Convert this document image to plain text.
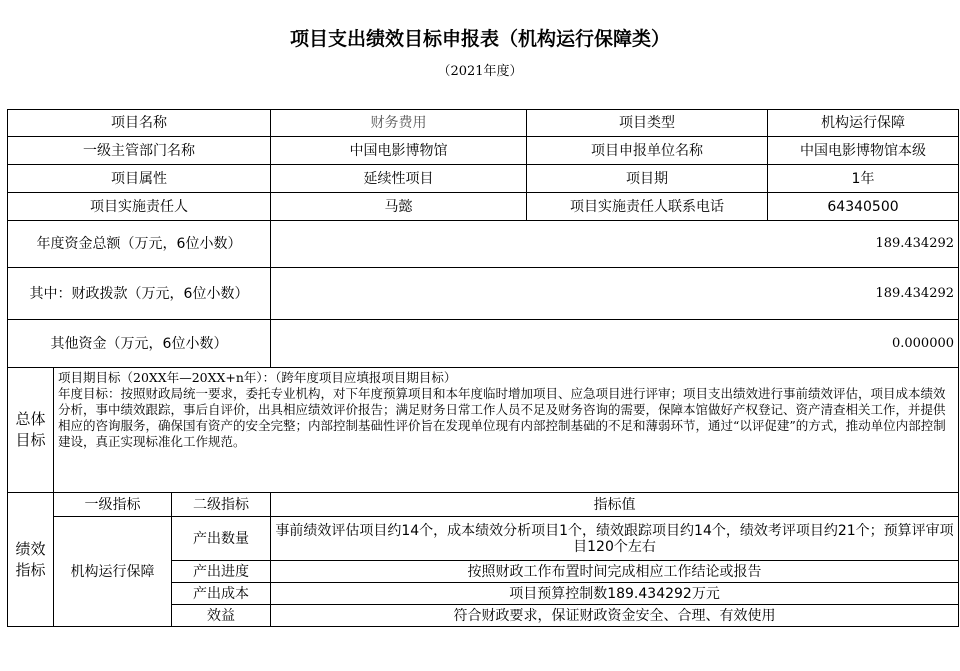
项目支出绩效目标申报表（机构运行保障类）
（2021年度）
项目名称			财务费用	项目类型	机构运行保障
一级主管部门名称			中国电影博物馆	项目申报单位名称	中国电影博物馆本级
项目属性			延续性项目	项目期	1年
项目实施责任人			马懿	项目实施责任人联系电话	64340500
年度资金总额（万元，6位小数）			189.434292		
其中：财政拨款（万元，6位小数）			189.434292		
其他资金（万元，6位小数）			0.000000		
总体目标	项目期目标（20XX年—20XX+n年）：（跨年度项目应填报项目期目标）
年度目标：按照财政局统一要求，委托专业机构，对下年度预算项目和本年度临时增加项目、应急项目进行评审；项目支出绩效进行事前绩效评估，项目成本绩效分析，事中绩效跟踪，事后自评价，出具相应绩效评价报告；满足财务日常工作人员不足及财务咨询的需要，保障本馆做好产权登记、资产清查相关工作，并提供相应的咨询服务，确保国有资产的安全完整；内部控制基础性评价旨在发现单位现有内部控制基础的不足和薄弱环节，通过“以评促建”的方式，推动单位内部控制建设，真正实现标准化工作规范。				

绩效指标	一级指标	二级指标	指标值		
	机构运行保障	产出数量	事前绩效评估项目约14个，成本绩效分析项目1个，绩效跟踪项目约14个，绩效考评项目约21个；预算评审项目120个左右		
		产出进度	按照财政工作布置时间完成相应工作结论或报告		
		产出成本	项目预算控制数189.434292万元		
		效益	符合财政要求，保证财政资金安全、合理、有效使用		
